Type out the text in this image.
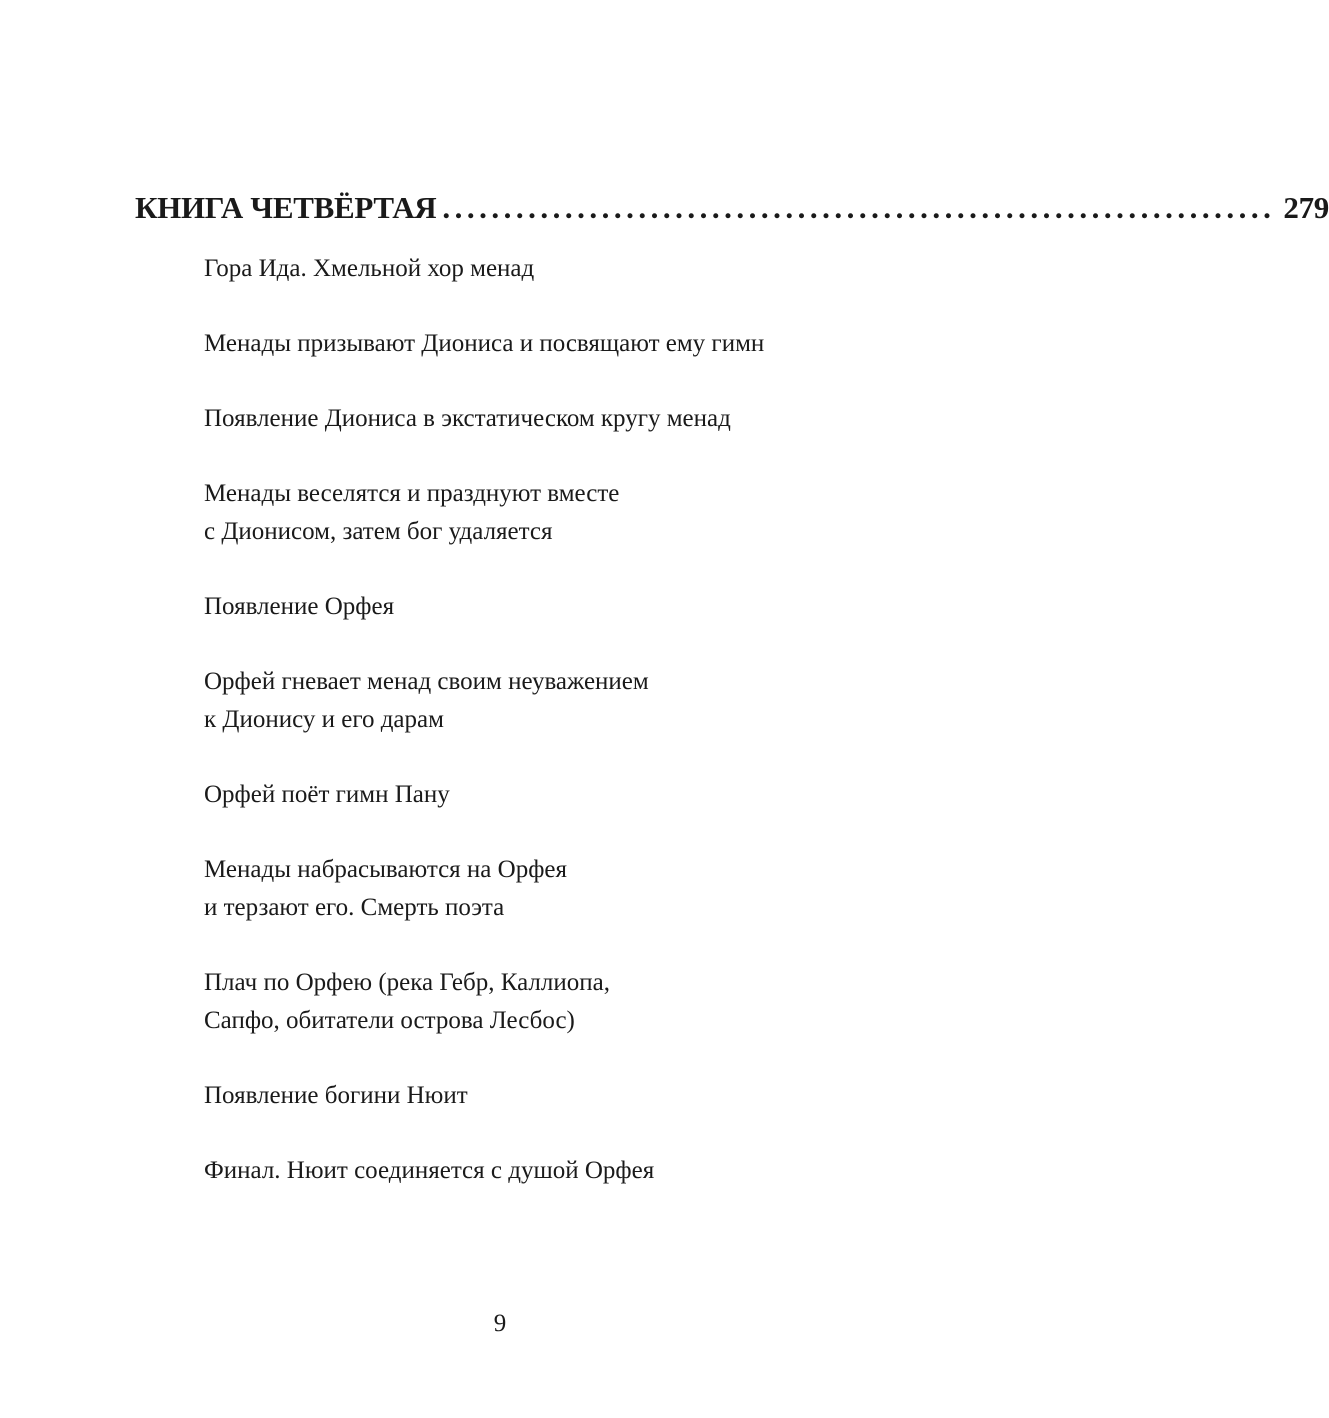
КНИГА ЧЕТВЁРТАЯ .................................................................... 279
Гора Ида. Хмельной хор менад
Менады призывают Диониса и посвящают ему гимн
Появление Диониса в экстатическом кругу менад
Менады веселятся и празднуют вместе
с Дионисом, затем бог удаляется
Появление Орфея
Орфей гневает менад своим неуважением
к Дионису и его дарам
Орфей поёт гимн Пану
Менады набрасываются на Орфея
и терзают его. Смерть поэта
Плач по Орфею (река Гебр, Каллиопа,
Сапфо, обитатели острова Лесбос)
Появление богини Нюит
Финал. Нюит соединяется с душой Орфея
9
